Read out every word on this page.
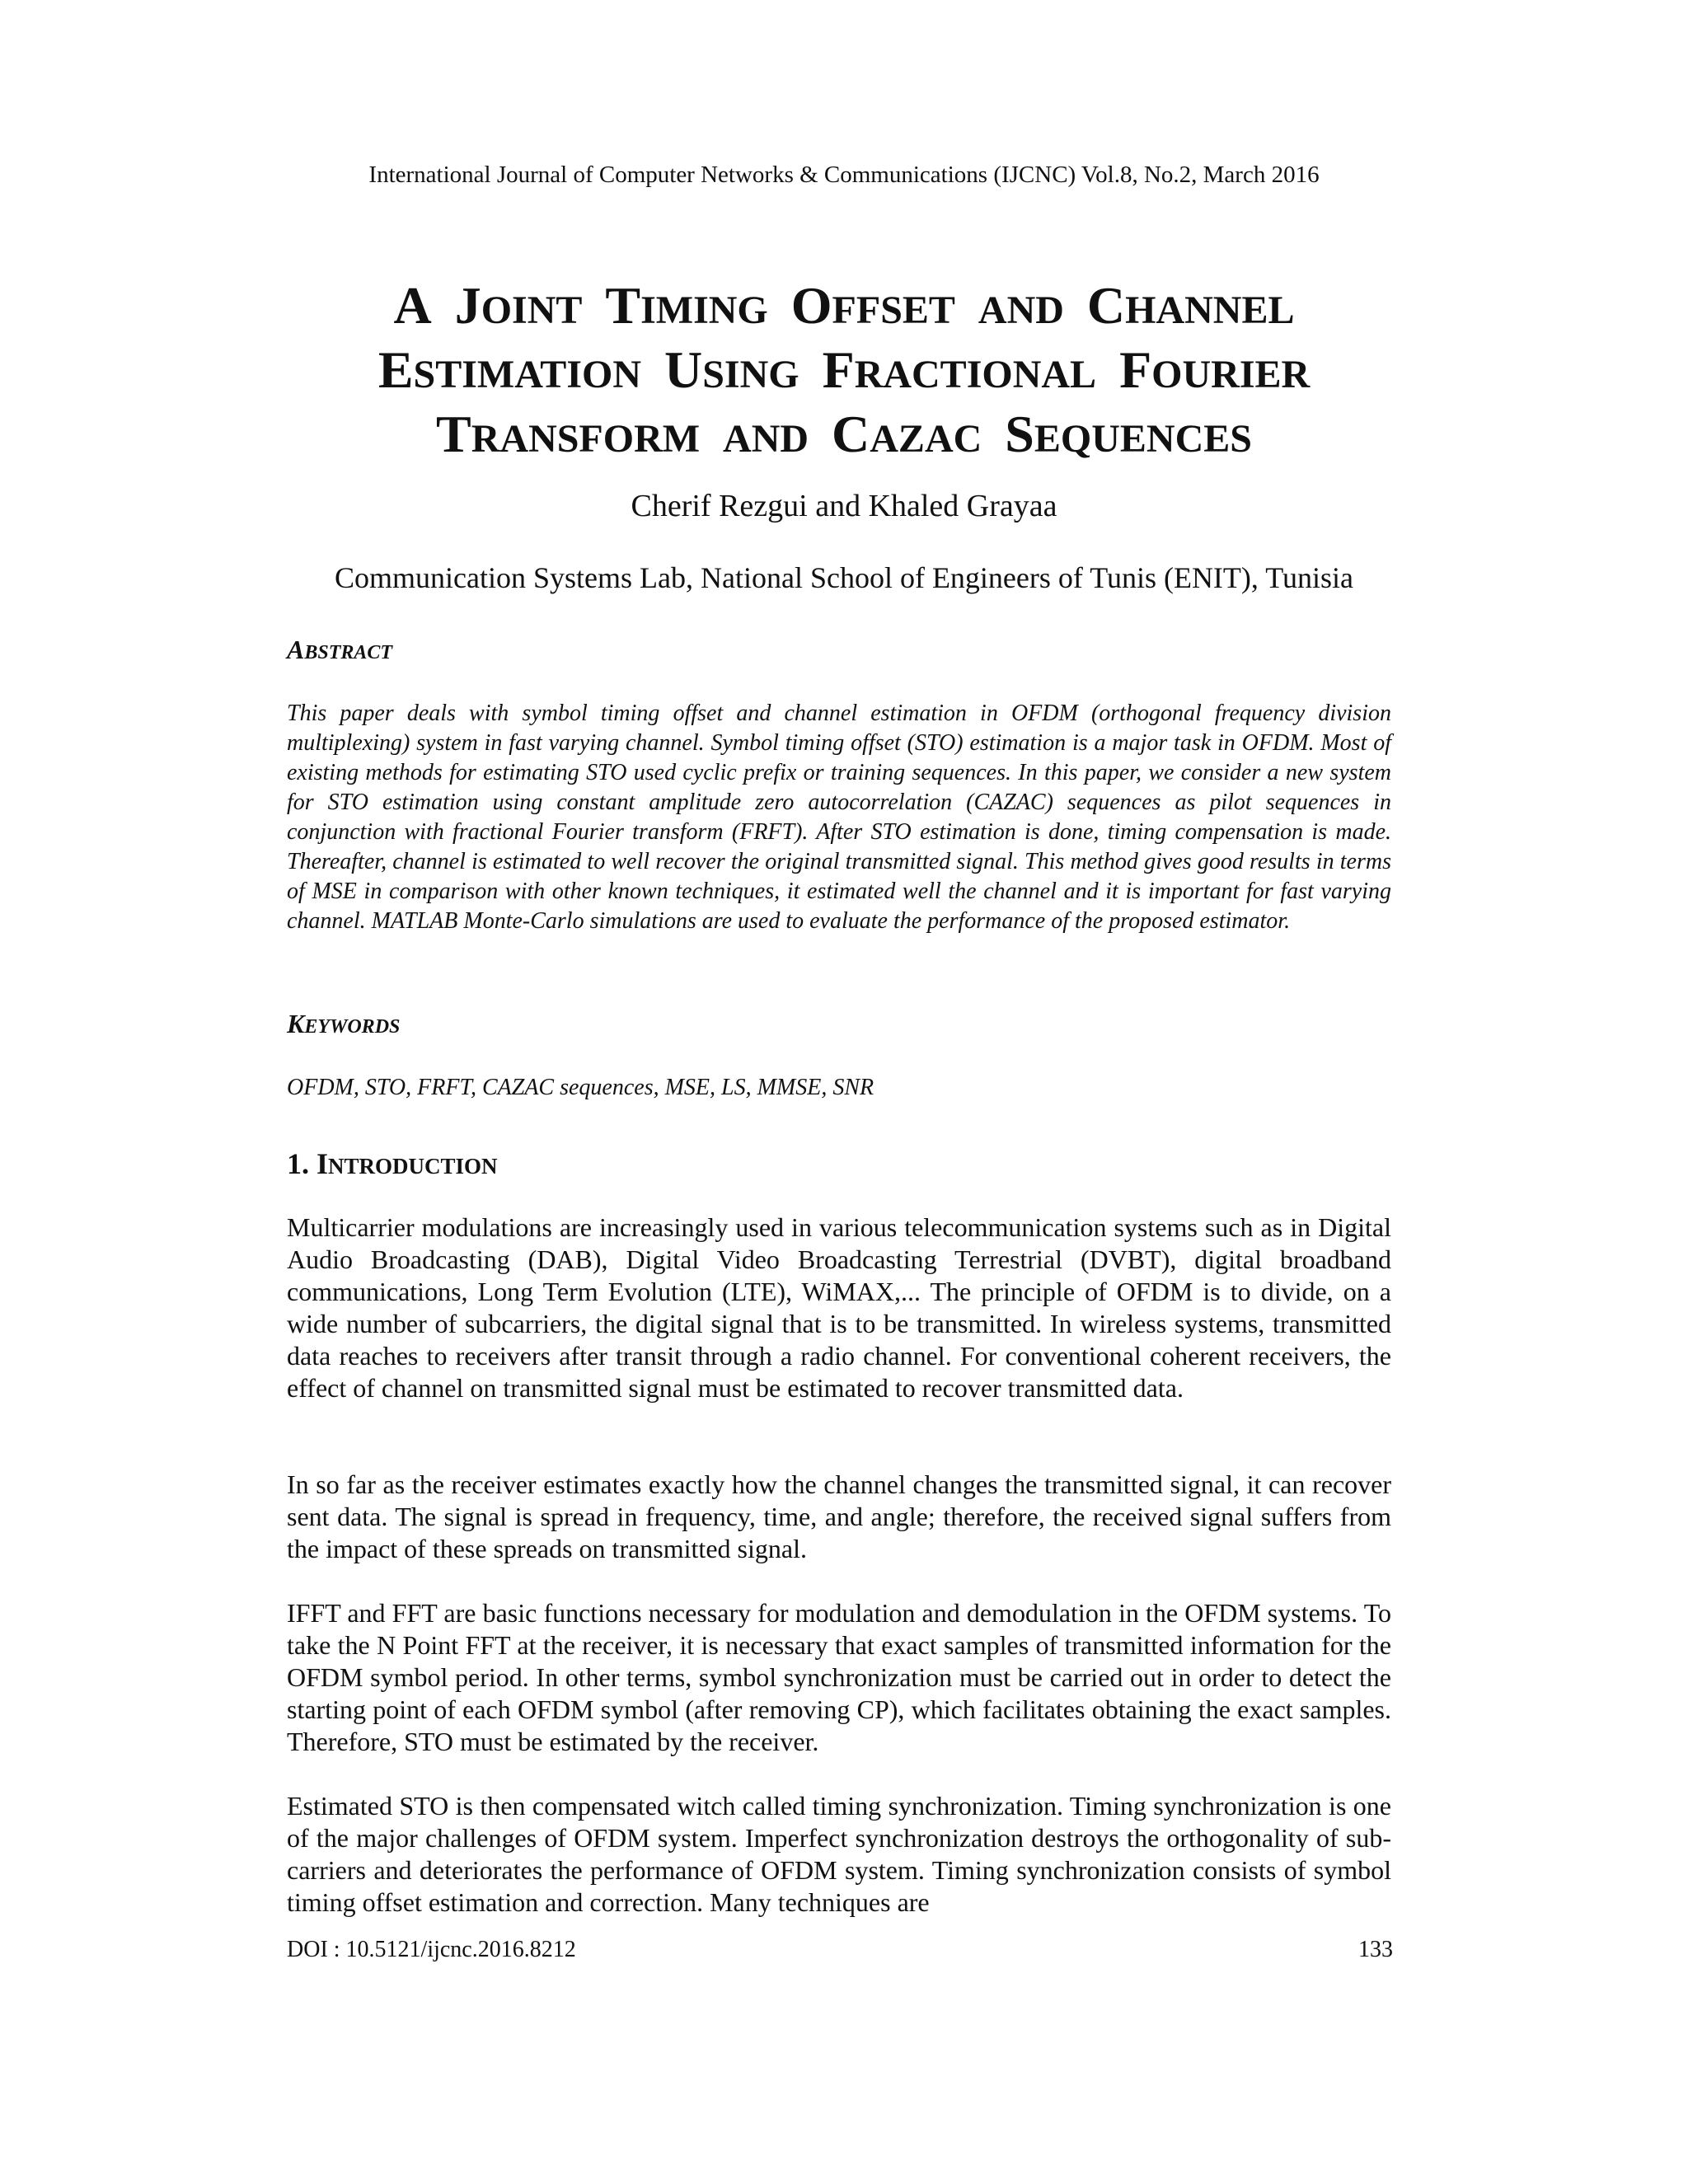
International Journal of Computer Networks & Communications (IJCNC) Vol.8, No.2, March 2016
A JOINT TIMING OFFSET AND CHANNEL
ESTIMATION USING FRACTIONAL FOURIER
TRANSFORM AND CAZAC SEQUENCES
Cherif Rezgui and Khaled Grayaa
Communication Systems Lab, National School of Engineers of Tunis (ENIT), Tunisia
ABSTRACT

This paper deals with symbol timing offset and channel estimation in OFDM (orthogonal frequency division multiplexing) system in fast varying channel. Symbol timing offset (STO) estimation is a major task in OFDM. Most of existing methods for estimating STO used cyclic prefix or training sequences. In this paper, we consider a new system for STO estimation using constant amplitude zero autocorrelation (CAZAC) sequences as pilot sequences in conjunction with fractional Fourier transform (FRFT). After STO estimation is done, timing compensation is made. Thereafter, channel is estimated to well recover the original transmitted signal. This method gives good results in terms of MSE in comparison with other known techniques, it estimated well the channel and it is important for fast varying channel. MATLAB Monte-Carlo simulations are used to evaluate the performance of the proposed estimator.

KEYWORDS

OFDM, STO, FRFT, CAZAC sequences, MSE, LS, MMSE, SNR

1. INTRODUCTION

Multicarrier modulations are increasingly used in various telecommunication systems such as in Digital Audio Broadcasting (DAB), Digital Video Broadcasting Terrestrial (DVBT), digital broadband communications, Long Term Evolution (LTE), WiMAX,... The principle of OFDM is to divide, on a wide number of subcarriers, the digital signal that is to be transmitted. In wireless systems, transmitted data reaches to receivers after transit through a radio channel. For conventional coherent receivers, the effect of channel on transmitted signal must be estimated to recover transmitted data.

In so far as the receiver estimates exactly how the channel changes the transmitted signal, it can recover sent data. The signal is spread in frequency, time, and angle; therefore, the received signal suffers from the impact of these spreads on transmitted signal.

IFFT and FFT are basic functions necessary for modulation and demodulation in the OFDM systems. To take the N Point FFT at the receiver, it is necessary that exact samples of transmitted information for the OFDM symbol period. In other terms, symbol synchronization must be carried out in order to detect the starting point of each OFDM symbol (after removing CP), which facilitates obtaining the exact samples. Therefore, STO must be estimated by the receiver.

Estimated STO is then compensated witch called timing synchronization. Timing synchronization is one of the major challenges of OFDM system. Imperfect synchronization destroys the orthogonality of sub-carriers and deteriorates the performance of OFDM system. Timing synchronization consists of symbol timing offset estimation and correction. Many techniques are

DOI : 10.5121/ijcnc.2016.8212	133
